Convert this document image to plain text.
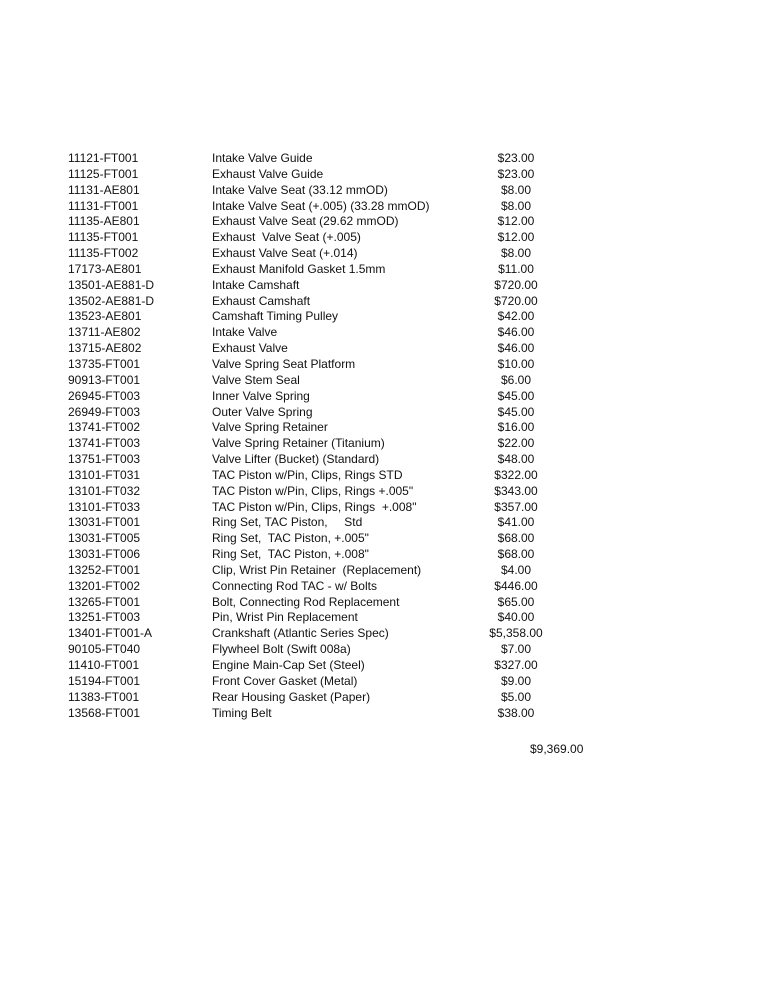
11121-FT001	Intake Valve Guide	$23.00
11125-FT001	Exhaust Valve Guide	$23.00
11131-AE801	Intake Valve Seat (33.12 mmOD)	$8.00
11131-FT001	Intake Valve Seat (+.005) (33.28 mmOD)	$8.00
11135-AE801	Exhaust Valve Seat (29.62 mmOD)	$12.00
11135-FT001	Exhaust  Valve Seat (+.005)	$12.00
11135-FT002	Exhaust Valve Seat (+.014)	$8.00
17173-AE801	Exhaust Manifold Gasket 1.5mm	$11.00
13501-AE881-D	Intake Camshaft	$720.00
13502-AE881-D	Exhaust Camshaft	$720.00
13523-AE801	Camshaft Timing Pulley	$42.00
13711-AE802	Intake Valve	$46.00
13715-AE802	Exhaust Valve	$46.00
13735-FT001	Valve Spring Seat Platform	$10.00
90913-FT001	Valve Stem Seal	$6.00
26945-FT003	Inner Valve Spring	$45.00
26949-FT003	Outer Valve Spring	$45.00
13741-FT002	Valve Spring Retainer	$16.00
13741-FT003	Valve Spring Retainer (Titanium)	$22.00
13751-FT003	Valve Lifter (Bucket) (Standard)	$48.00
13101-FT031	TAC Piston w/Pin, Clips, Rings STD	$322.00
13101-FT032	TAC Piston w/Pin, Clips, Rings +.005"	$343.00
13101-FT033	TAC Piston w/Pin, Clips, Rings  +.008"	$357.00
13031-FT001	Ring Set, TAC Piston,     Std	$41.00
13031-FT005	Ring Set,  TAC Piston, +.005"	$68.00
13031-FT006	Ring Set,  TAC Piston, +.008"	$68.00
13252-FT001	Clip, Wrist Pin Retainer  (Replacement)	$4.00
13201-FT002	Connecting Rod TAC - w/ Bolts	$446.00
13265-FT001	Bolt, Connecting Rod Replacement	$65.00
13251-FT003	Pin, Wrist Pin Replacement	$40.00
13401-FT001-A	Crankshaft (Atlantic Series Spec)	$5,358.00
90105-FT040	Flywheel Bolt (Swift 008a)	$7.00
11410-FT001	Engine Main-Cap Set (Steel)	$327.00
15194-FT001	Front Cover Gasket (Metal)	$9.00
11383-FT001	Rear Housing Gasket (Paper)	$5.00
13568-FT001	Timing Belt	$38.00
$9,369.00
